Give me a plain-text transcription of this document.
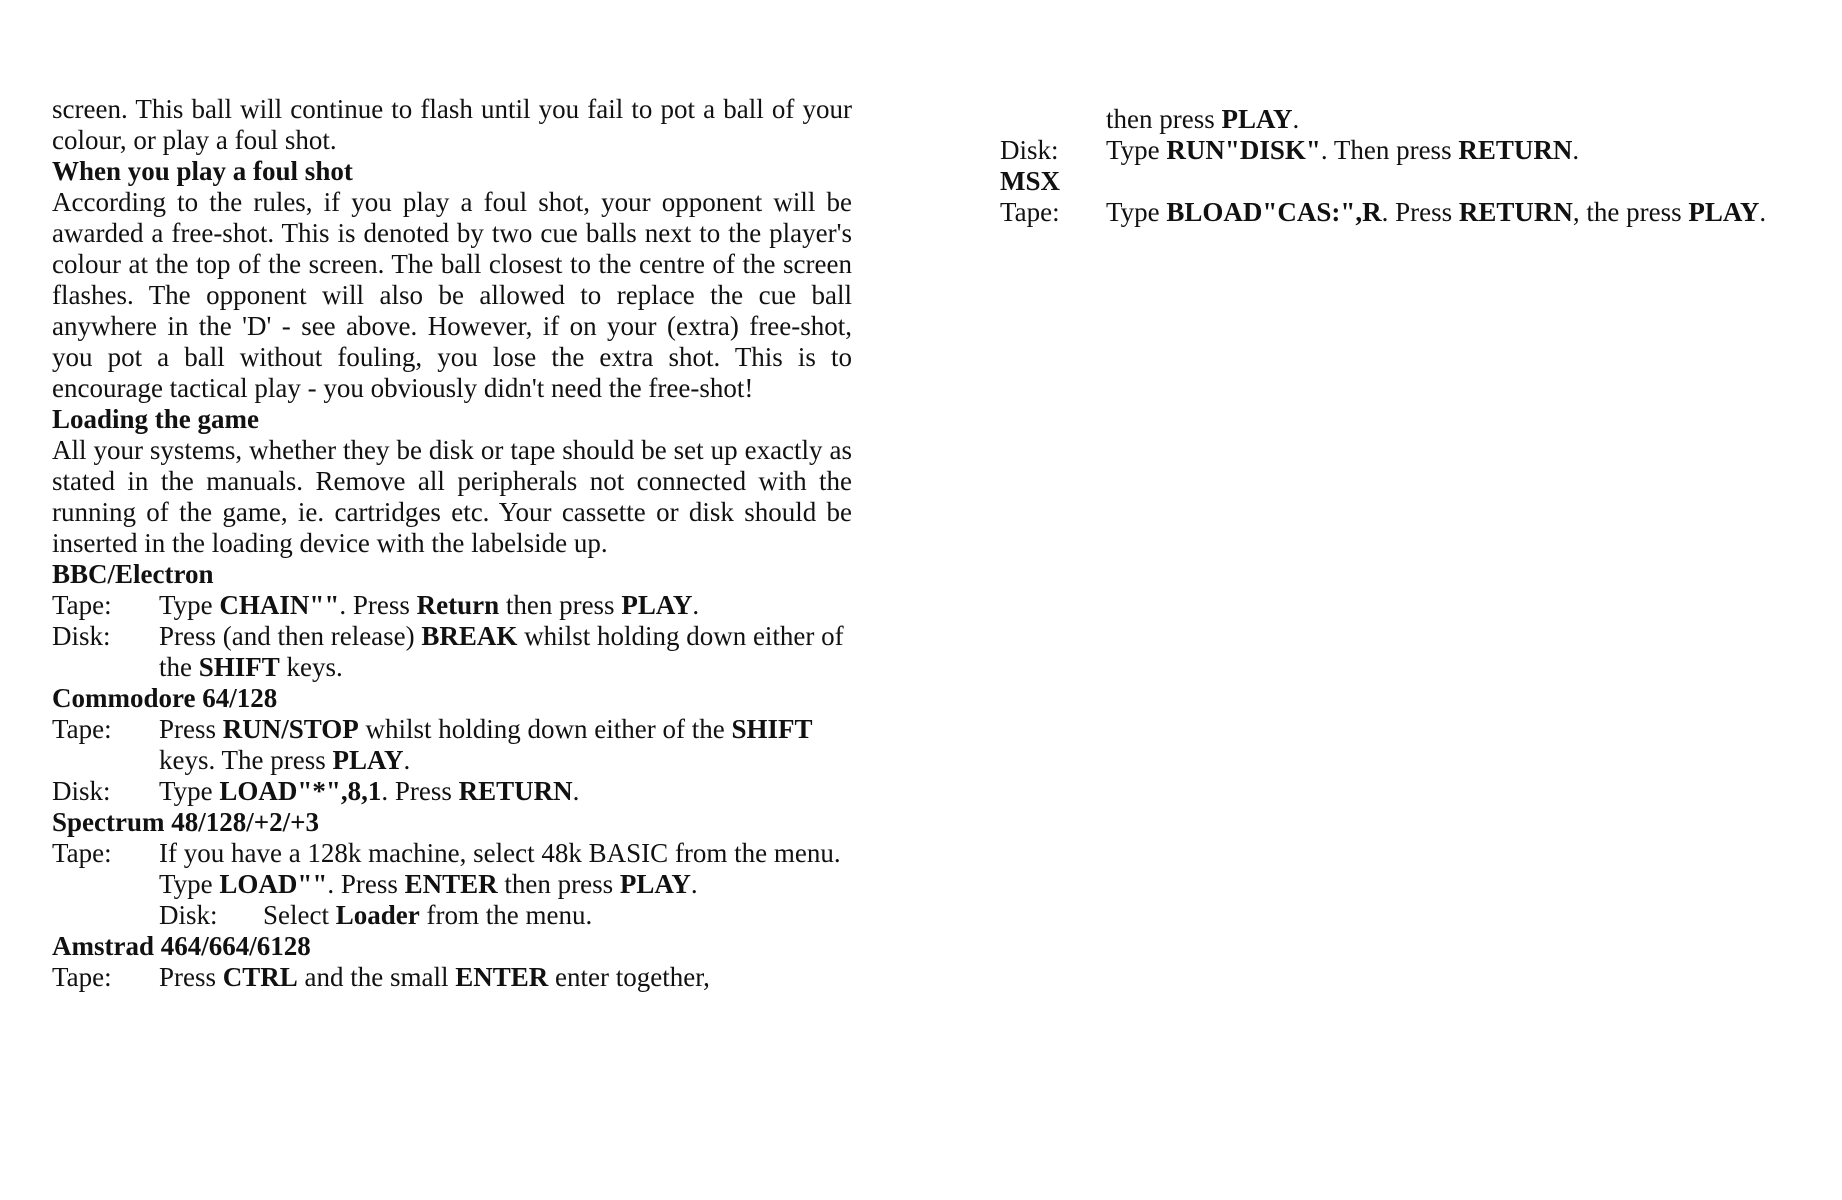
screen. This ball will continue to flash until you fail to pot a ball of your colour, or play a foul shot.

When you play a foul shot

According to the rules, if you play a foul shot, your opponent will be awarded a free-shot. This is denoted by two cue balls next to the player's colour at the top of the screen. The ball closest to the centre of the screen flashes. The opponent will also be allowed to replace the cue ball anywhere in the 'D' - see above. However, if on your (extra) free-shot, you pot a ball without fouling, you lose the extra shot. This is to encourage tactical play - you obviously didn't need the free-shot!

Loading the game

All your systems, whether they be disk or tape should be set up exactly as stated in the manuals. Remove all peripherals not connected with the running of the game, ie. cartridges etc. Your cassette or disk should be inserted in the loading device with the labelside up.

BBC/Electron

Tape:	Type CHAIN"". Press Return then press PLAY.
Disk:	Press (and then release) BREAK whilst holding down either of the SHIFT keys.

Commodore 64/128

Tape:	Press RUN/STOP whilst holding down either of the SHIFT keys. The press PLAY.
Disk:	Type LOAD"*",8,1. Press RETURN.

Spectrum 48/128/+2/+3

Tape:	If you have a 128k machine, select 48k BASIC from the menu. Type LOAD"". Press ENTER then press PLAY.

Disk: Select Loader from the menu.

Amstrad 464/664/6128

Tape:	Press CTRL and the small ENTER enter together,

then press PLAY.

Disk:	Type RUN"DISK". Then press RETURN.

MSX

Tape:	Type BLOAD"CAS:",R. Press RETURN, the press PLAY.
